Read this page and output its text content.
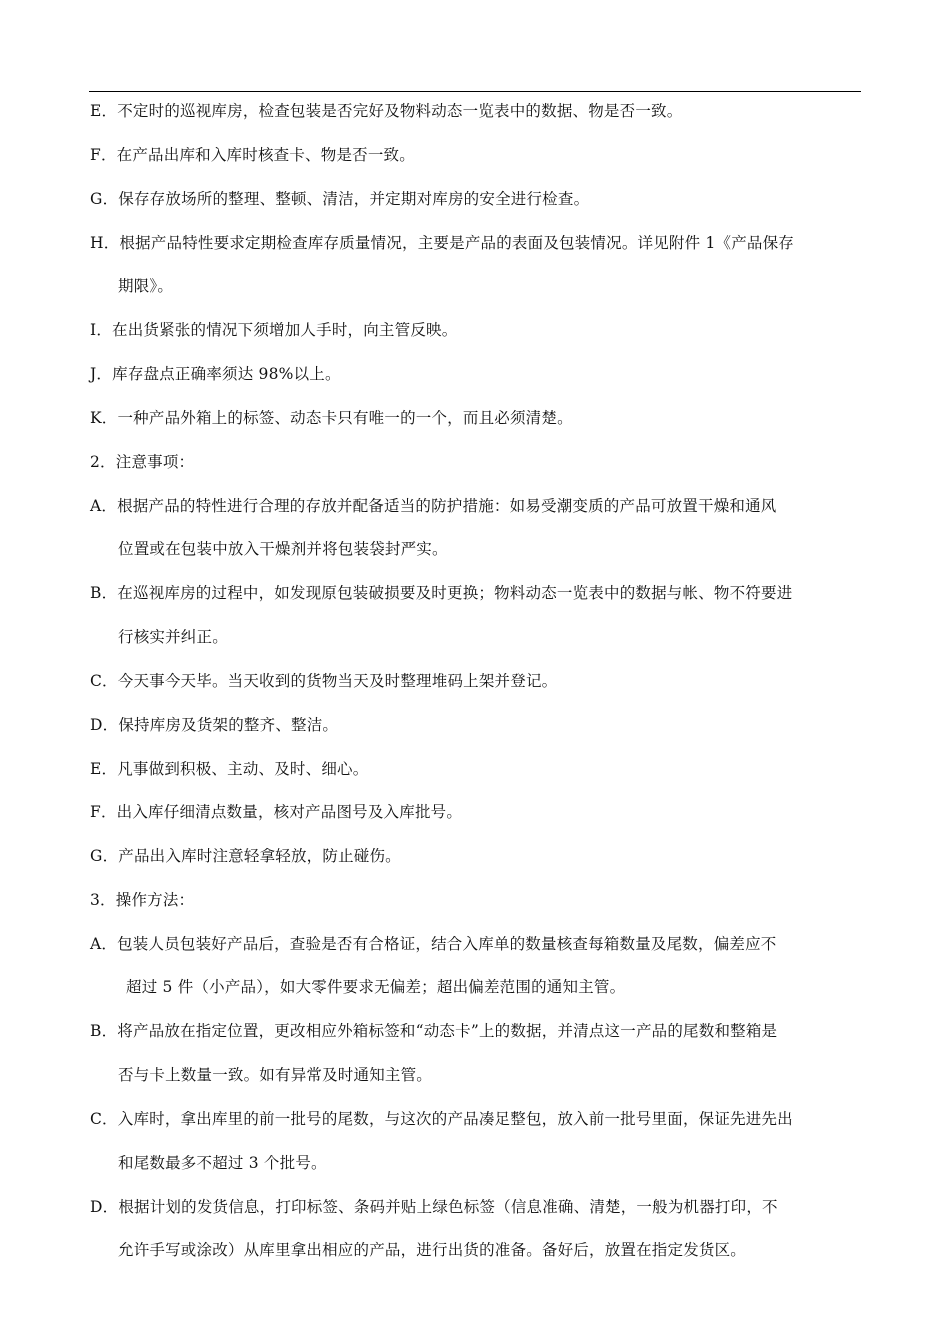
E．不定时的巡视库房，检查包装是否完好及物料动态一览表中的数据、物是否一致。
F．在产品出库和入库时核查卡、物是否一致。
G．保存存放场所的整理、整顿、清洁，并定期对库房的安全进行检查。
H．根据产品特性要求定期检查库存质量情况，主要是产品的表面及包装情况。详见附件 1《产品保存
期限》。
I．在出货紧张的情况下须增加人手时，向主管反映。
J．库存盘点正确率须达 98%以上。
K．一种产品外箱上的标签、动态卡只有唯一的一个，而且必须清楚。
2．注意事项：
A．根据产品的特性进行合理的存放并配备适当的防护措施：如易受潮变质的产品可放置干燥和通风
位置或在包装中放入干燥剂并将包装袋封严实。
B．在巡视库房的过程中，如发现原包装破损要及时更换；物料动态一览表中的数据与帐、物不符要进
行核实并纠正。
C．今天事今天毕。当天收到的货物当天及时整理堆码上架并登记。
D．保持库房及货架的整齐、整洁。
E．凡事做到积极、主动、及时、细心。
F．出入库仔细清点数量，核对产品图号及入库批号。
G．产品出入库时注意轻拿轻放，防止碰伤。
3．操作方法：
A．包装人员包装好产品后，查验是否有合格证，结合入库单的数量核查每箱数量及尾数，偏差应不
超过 5 件（小产品），如大零件要求无偏差；超出偏差范围的通知主管。
B．将产品放在指定位置，更改相应外箱标签和“动态卡”上的数据，并清点这一产品的尾数和整箱是
否与卡上数量一致。如有异常及时通知主管。
C．入库时，拿出库里的前一批号的尾数，与这次的产品凑足整包，放入前一批号里面，保证先进先出
和尾数最多不超过 3 个批号。
D．根据计划的发货信息，打印标签、条码并贴上绿色标签（信息准确、清楚，一般为机器打印，不
允许手写或涂改）从库里拿出相应的产品，进行出货的准备。备好后，放置在指定发货区。
